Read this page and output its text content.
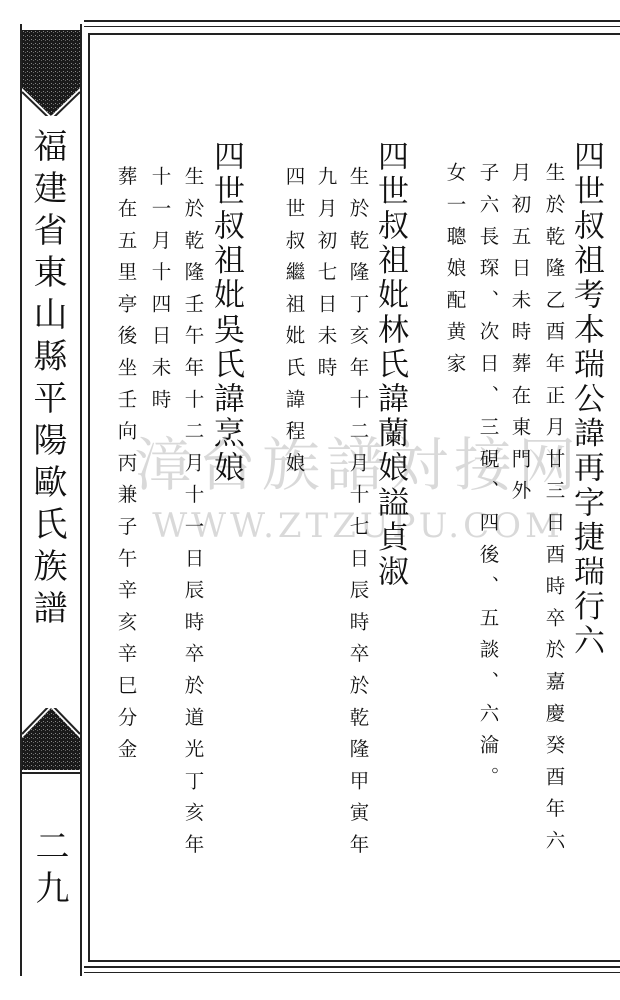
福建省東山縣平陽歐氏族譜

二九

漳台族譜対接网
WWW.ZTZUPU.COM 四世叔祖考本瑞公諱再字捷瑞行六

生於乾隆乙酉年正月廿三日酉時卒於嘉慶癸酉年六

月初五日未時葬在東門外

子六長琛、次日、三硯、四後、五談、六淪。

女一聰娘配黄家

四世叔祖妣林氏諱蘭娘謚貞淑

生於乾隆丁亥年十二月十七日辰時卒於乾隆甲寅年

九月初七日未時

四世叔繼祖妣氏諱程娘

四世叔祖妣吳氏諱烹娘

生於乾隆壬午年十二月十一日辰時卒於道光丁亥年

十一月十四日未時

葬在五里亭後坐壬向丙兼子午辛亥辛巳分金
